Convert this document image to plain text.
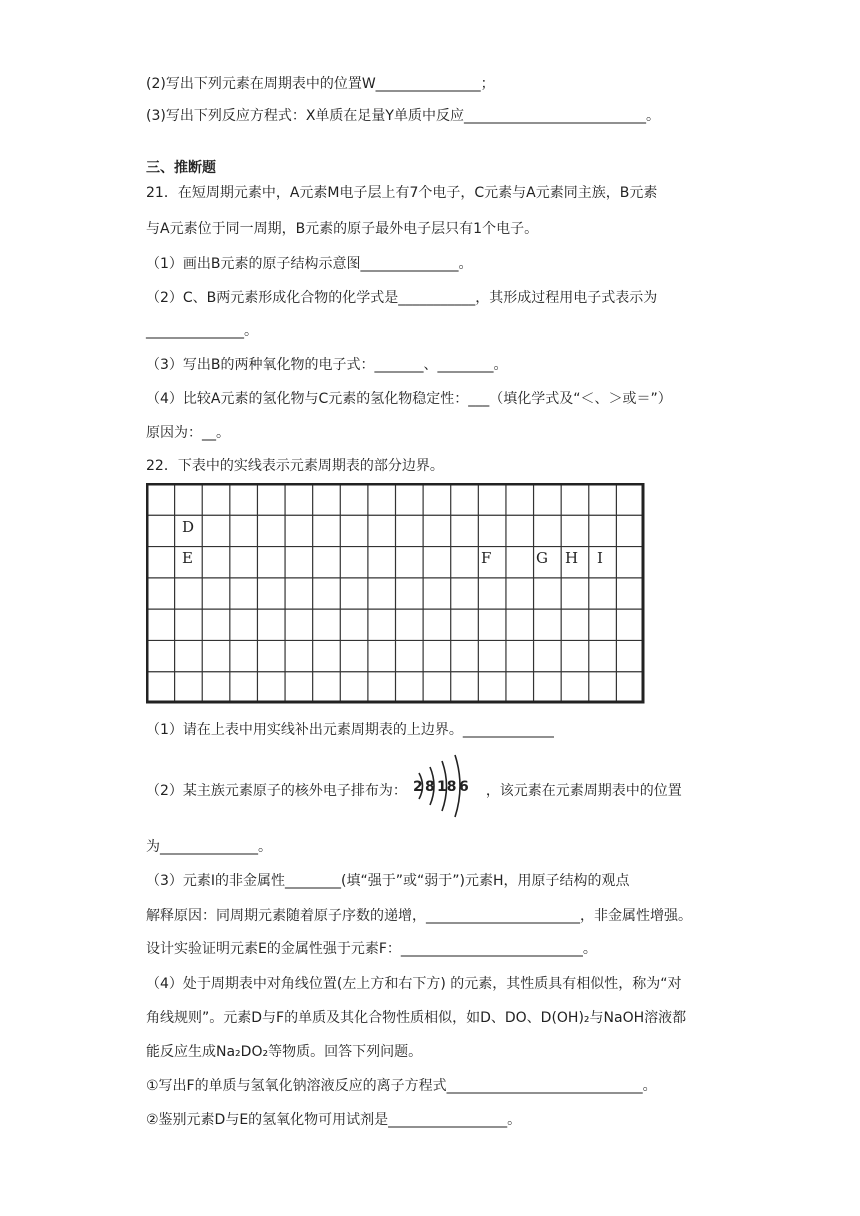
(2)写出下列元素在周期表中的位置W_______________；
(3)写出下列反应方程式：X单质在足量Y单质中反应__________________________。
三、推断题
21．在短周期元素中，A元素M电子层上有7个电子，C元素与A元素同主族，B元素
与A元素位于同一周期，B元素的原子最外电子层只有1个电子。
（1）画出B元素的原子结构示意图______________。
（2）C、B两元素形成化合物的化学式是___________，其形成过程用电子式表示为
______________。
（3）写出B的两种氧化物的电子式：_______、________。
（4）比较A元素的氢化物与C元素的氢化物稳定性：___（填化学式及“＜、＞或＝”）
原因为：__。
22．下表中的实线表示元素周期表的部分边界。
D
E	F	G H I
（1）请在上表中用实线补出元素周期表的上边界。_____________
（2）某主族元素原子的核外电子排布为： 2 8 18 6 ，该元素在元素周期表中的位置
为______________。
（3）元素I的非金属性________(填“强于”或“弱于”)元素H，用原子结构的观点
解释原因：同周期元素随着原子序数的递增，______________________，非金属性增强。
设计实验证明元素E的金属性强于元素F：__________________________。
（4）处于周期表中对角线位置(左上方和右下方) 的元素，其性质具有相似性，称为“对
角线规则”。元素D与F的单质及其化合物性质相似，如D、DO、D(OH)₂与NaOH溶液都
能反应生成Na₂DO₂等物质。回答下列问题。
①写出F的单质与氢氧化钠溶液反应的离子方程式____________________________。
②鉴别元素D与E的氢氧化物可用试剂是_________________。
